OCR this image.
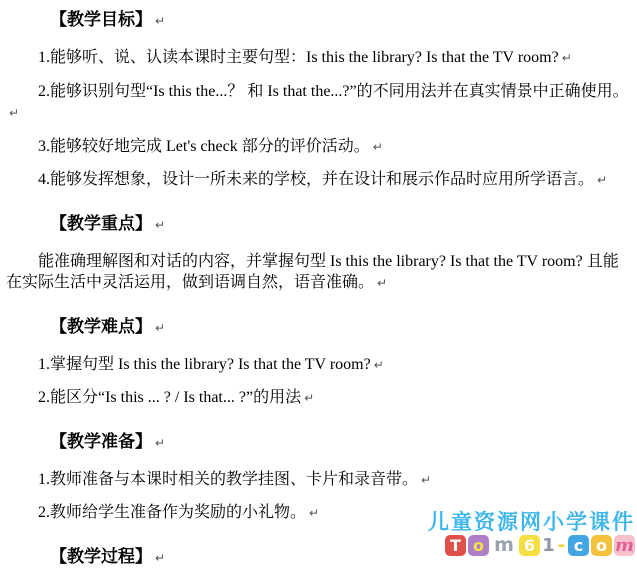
【教学目标】 ↵

1.能够听、说、认读本课时主要句型：Is this the library? Is that the TV room? ↵

2.能够识别句型“Is this the...？ 和 Is that the...?”的不同用法并在真实情景中正确使用。↵

3.能够较好地完成 Let's check 部分的评价活动。 ↵

4.能够发挥想象，设计一所未来的学校，并在设计和展示作品时应用所学语言。 ↵

【教学重点】 ↵

能准确理解图和对话的内容，并掌握句型 Is this the library? Is that the TV room? 且能在实际生活中灵活运用，做到语调自然，语音准确。 ↵

【教学难点】 ↵

1.掌握句型 Is this the library? Is that the TV room? ↵

2.能区分“Is this ... ? / Is that... ?”的用法 ↵

【教学准备】 ↵

1.教师准备与本课时相关的教学挂图、卡片和录音带。 ↵

2.教师给学生准备作为奖励的小礼物。 ↵

【教学过程】 ↵
儿童资源网小学课件
T o m 6 1 - c o m
